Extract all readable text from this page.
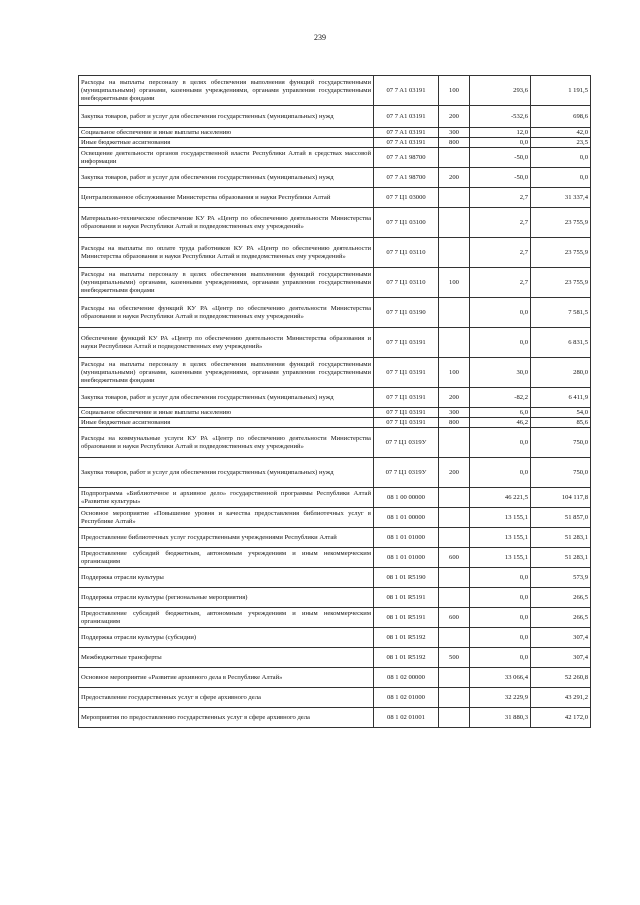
239
Расходы на выплаты персоналу в целях обеспечения выполнения функций государственными (муниципальными) органами, казенными учреждениями, органами управления государственными внебюджетными фондами	07 7 A1 03191	100	293,6	1 191,5
Закупка товаров, работ и услуг для обеспечения государственных (муниципальных) нужд	07 7 A1 03191	200	-532,6	698,6
Социальное обеспечение и иные выплаты населению	07 7 A1 03191	300	12,0	42,0
Иные бюджетные ассигнования	07 7 A1 03191	800	0,0	23,5
Освещение деятельности органов государственной власти Республики Алтай в средствах массовой информации	07 7 A1 98700		-50,0	0,0
Закупка товаров, работ и услуг для обеспечения государственных (муниципальных) нужд	07 7 A1 98700	200	-50,0	0,0
Централизованное обслуживание Министерства образования и науки Республики Алтай	07 7 Ц1 03000		2,7	31 337,4
Материально-техническое обеспечение КУ РА «Центр по обеспечению деятельности Министерства образования и науки Республики Алтай и подведомственных ему учреждений»	07 7 Ц1 03100		2,7	23 755,9
Расходы на выплаты по оплате труда работников КУ РА «Центр по обеспечению деятельности Министерства образования и науки Республики Алтай и подведомственных ему учреждений»	07 7 Ц1 03110		2,7	23 755,9
Расходы на выплаты персоналу в целях обеспечения выполнения функций государственными (муниципальными) органами, казенными учреждениями, органами управления государственными внебюджетными фондами	07 7 Ц1 03110	100	2,7	23 755,9
Расходы на обеспечение функций КУ РА «Центр по обеспечению деятельности Министерства образования и науки Республики Алтай и подведомственных ему учреждений»	07 7 Ц1 03190		0,0	7 581,5
Обеспечение функций КУ РА «Центр по обеспечению деятельности Министерства образования и науки Республики Алтай и подведомственных ему учреждений»	07 7 Ц1 03191		0,0	6 831,5
Расходы на выплаты персоналу в целях обеспечения выполнения функций государственными (муниципальными) органами, казенными учреждениями, органами управления государственными внебюджетными фондами	07 7 Ц1 03191	100	30,0	280,0
Закупка товаров, работ и услуг для обеспечения государственных (муниципальных) нужд	07 7 Ц1 03191	200	-82,2	6 411,9
Социальное обеспечение и иные выплаты населению	07 7 Ц1 03191	300	6,0	54,0
Иные бюджетные ассигнования	07 7 Ц1 03191	800	46,2	85,6
Расходы на коммунальные услуги КУ РА «Центр по обеспечению деятельности Министерства образования и науки Республики Алтай и подведомственных ему учреждений»	07 7 Ц1 0319У		0,0	750,0
Закупка товаров, работ и услуг для обеспечения государственных (муниципальных) нужд	07 7 Ц1 0319У	200	0,0	750,0
Подпрограмма «Библиотечное и архивное дело» государственной программы Республики Алтай «Развитие культуры»	08 1 00 00000		46 221,5	104 117,8
Основное мероприятие «Повышение уровня и качества предоставления библиотечных услуг в Республике Алтай»	08 1 01 00000		13 155,1	51 857,0
Предоставление библиотечных услуг государственными учреждениями Республики Алтай	08 1 01 01000		13 155,1	51 283,1
Предоставление субсидий бюджетным, автономным учреждениям и иным некоммерческим организациям	08 1 01 01000	600	13 155,1	51 283,1
Поддержка отрасли культуры	08 1 01 R5190		0,0	573,9
Поддержка отрасли культуры (региональные мероприятия)	08 1 01 R5191		0,0	266,5
Предоставление субсидий бюджетным, автономным учреждениям и иным некоммерческим организациям	08 1 01 R5191	600	0,0	266,5
Поддержка отрасли культуры (субсидии)	08 1 01 R5192		0,0	307,4
Межбюджетные трансферты	08 1 01 R5192	500	0,0	307,4
Основное мероприятие «Развитие архивного дела в Республике Алтай»	08 1 02 00000		33 066,4	52 260,8
Предоставление государственных услуг в сфере архивного дела	08 1 02 01000		32 229,9	43 291,2
Мероприятия по предоставлению государственных услуг в сфере архивного дела	08 1 02 01001		31 880,3	42 172,0
